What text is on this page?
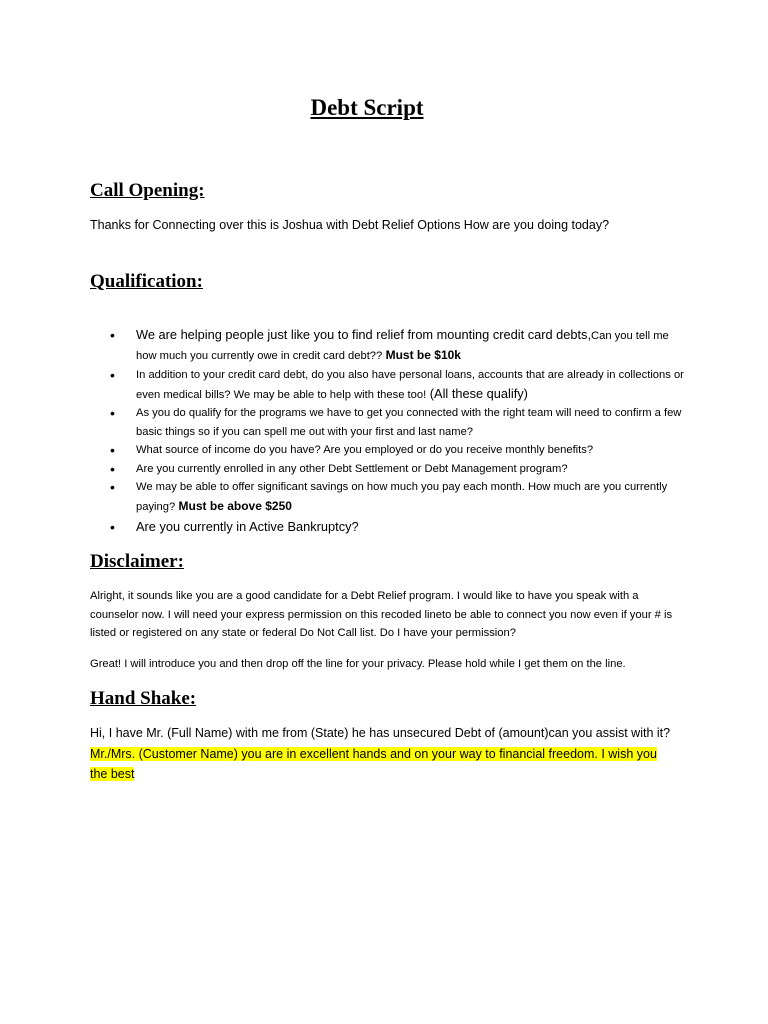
Debt Script
Call Opening:
Thanks for Connecting over this is Joshua with Debt Relief Options How are you doing today?
Qualification:
• We are helping people just like you to find relief from mounting credit card debts,Can you tell me how much you currently owe in credit card debt?? Must be $10k
• In addition to your credit card debt, do you also have personal loans, accounts that are already in collections or even medical bills? We may be able to help with these too! (All these qualify)
• As you do qualify for the programs we have to get you connected with the right team will need to confirm a few basic things so if you can spell me out with your first and last name?
• What source of income do you have? Are you employed or do you receive monthly benefits?
• Are you currently enrolled in any other Debt Settlement or Debt Management program?
• We may be able to offer significant savings on how much you pay each month. How much are you currently paying? Must be above $250
• Are you currently in Active Bankruptcy?
Disclaimer:
Alright, it sounds like you are a good candidate for a Debt Relief program. I would like to have you speak with a counselor now. I will need your express permission on this recoded lineto be able to connect you now even if your # is listed or registered on any state or federal Do Not Call list. Do I have your permission?
Great! I will introduce you and then drop off the line for your privacy. Please hold while I get them on the line.
Hand Shake:
Hi, I have Mr. (Full Name) with me from (State) he has unsecured Debt of (amount)can you assist with it? Mr./Mrs. (Customer Name) you are in excellent hands and on your way to financial freedom. I wish you the best
